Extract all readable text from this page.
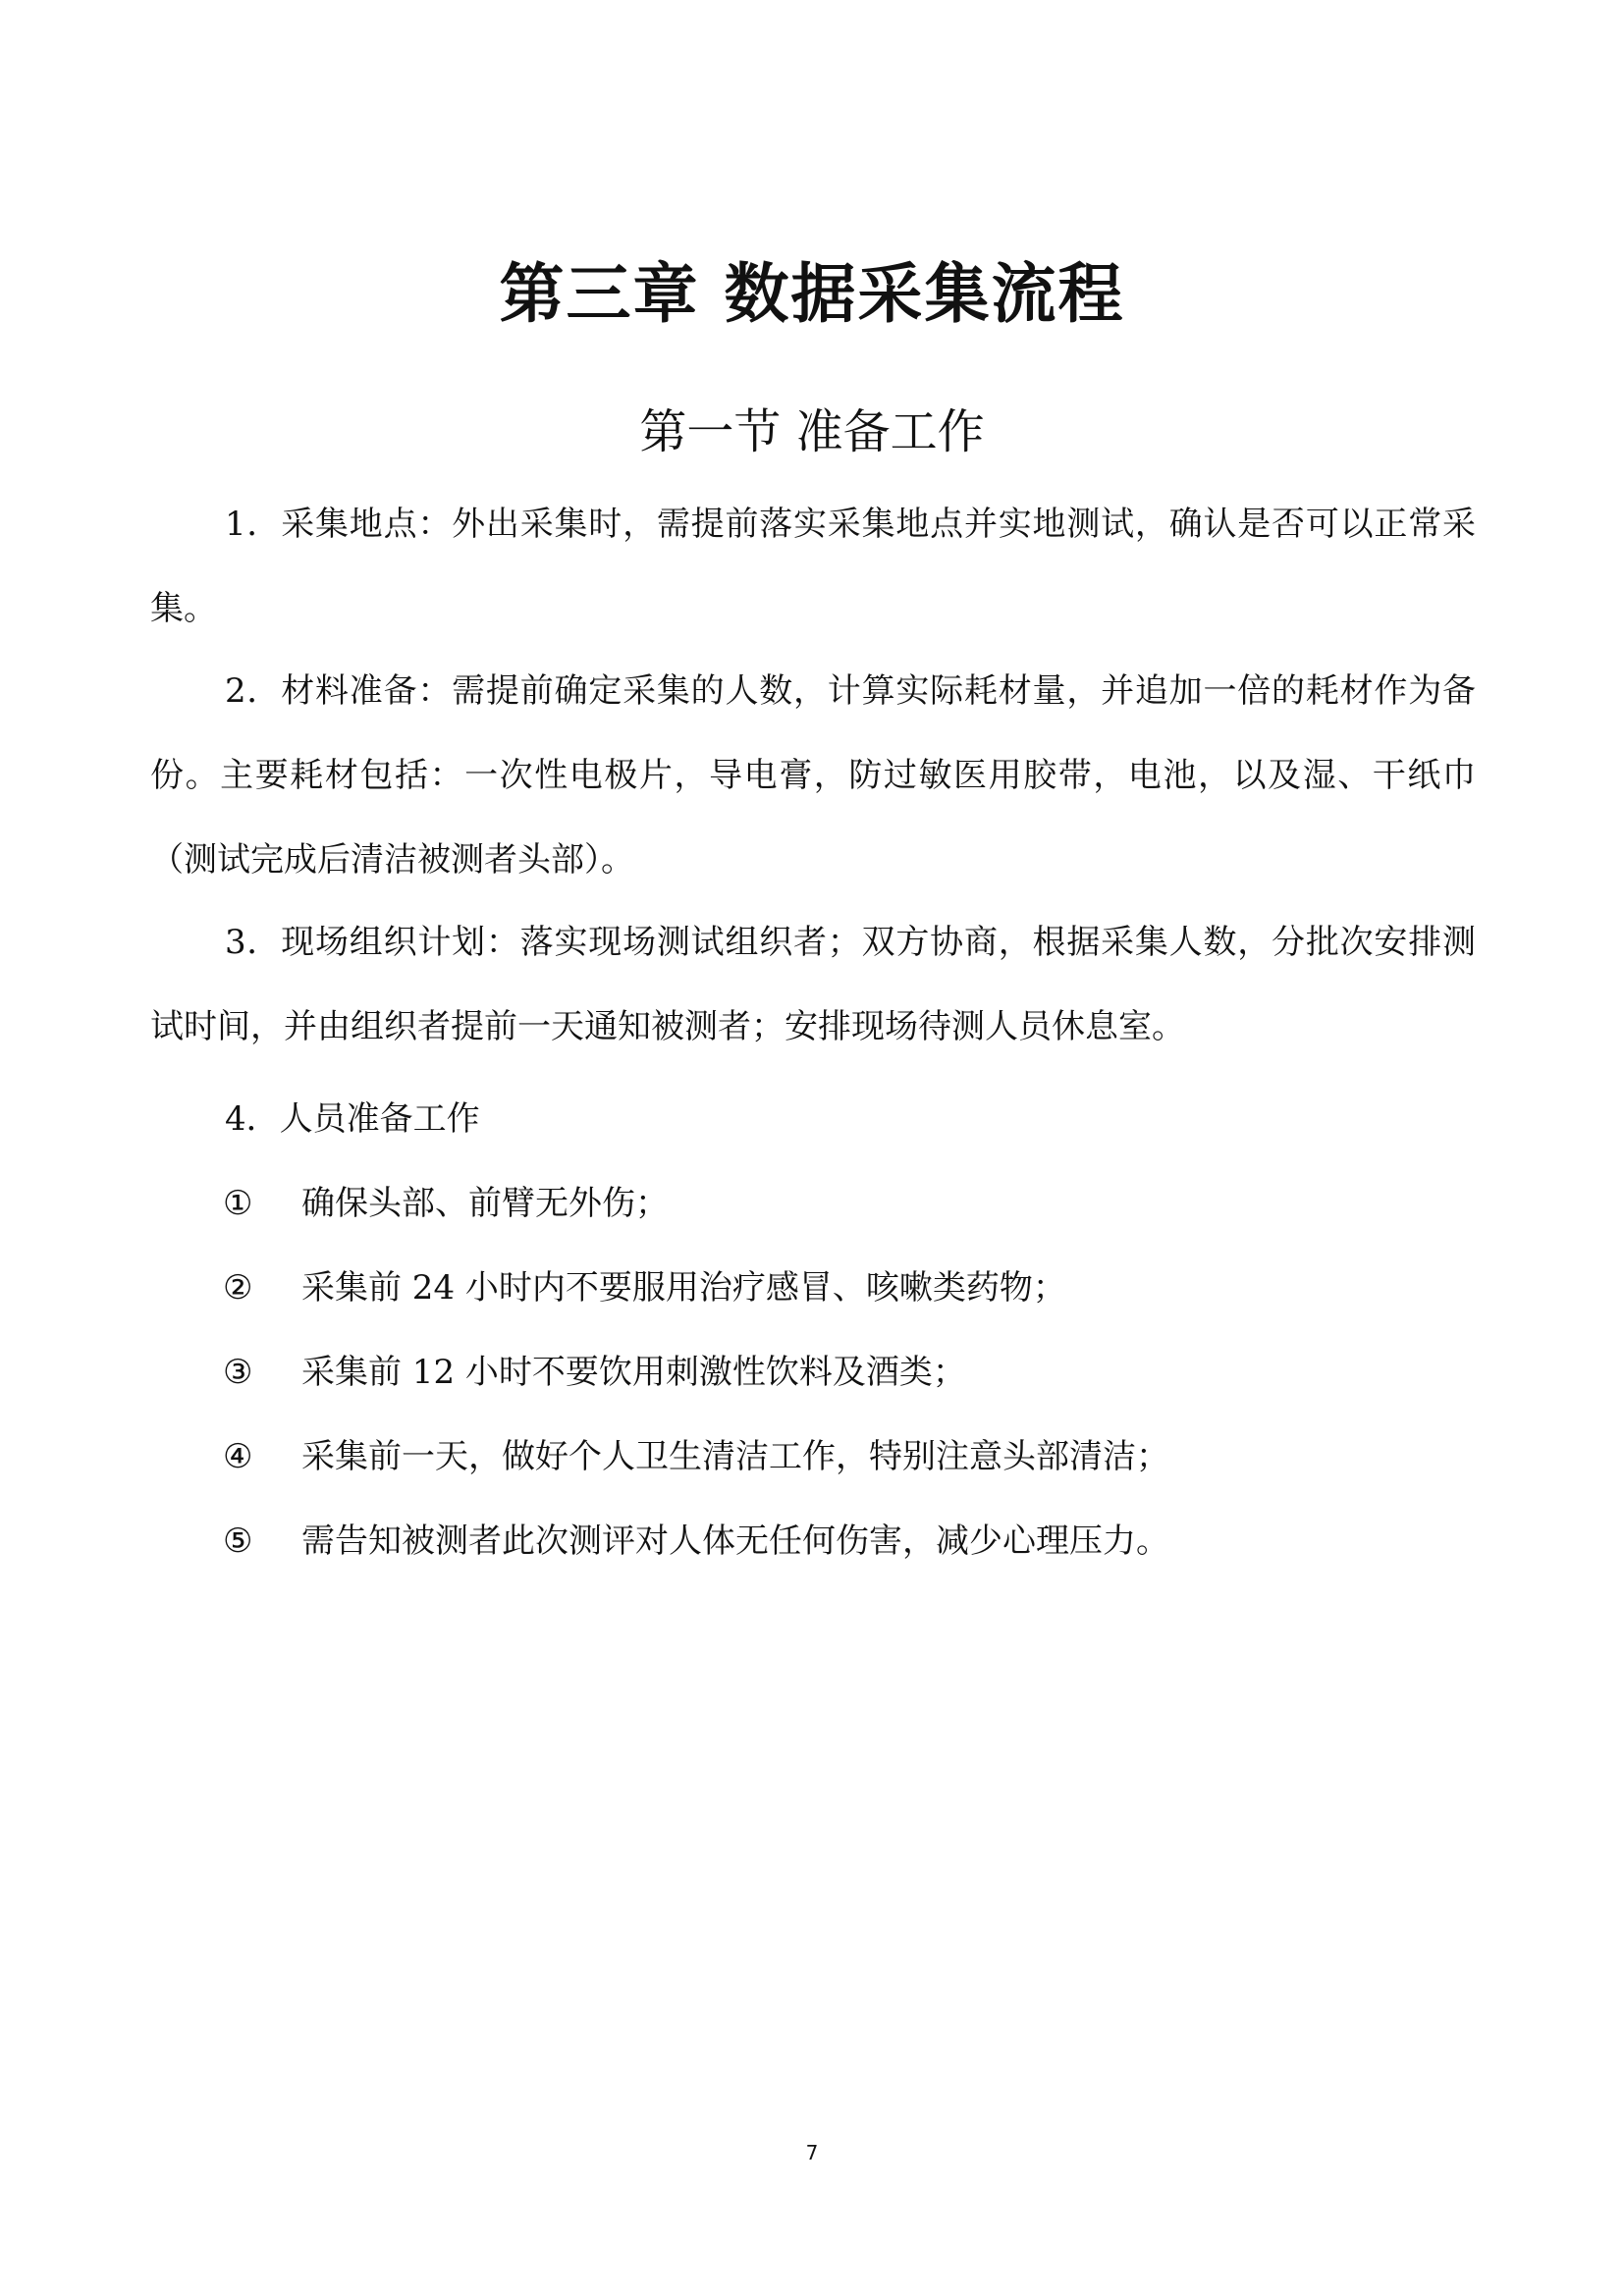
第三章 数据采集流程
第一节 准备工作

1．采集地点：外出采集时，需提前落实采集地点并实地测试，确认是否可以正常采集。

2．材料准备：需提前确定采集的人数，计算实际耗材量，并追加一倍的耗材作为备份。主要耗材包括：一次性电极片，导电膏，防过敏医用胶带，电池，以及湿、干纸巾（测试完成后清洁被测者头部）。

3．现场组织计划：落实现场测试组织者；双方协商，根据采集人数，分批次安排测试时间，并由组织者提前一天通知被测者；安排现场待测人员休息室。

4．人员准备工作

① 确保头部、前臂无外伤；
② 采集前 24 小时内不要服用治疗感冒、咳嗽类药物；
③ 采集前 12 小时不要饮用刺激性饮料及酒类；
④ 采集前一天，做好个人卫生清洁工作，特别注意头部清洁；
⑤ 需告知被测者此次测评对人体无任何伤害，减少心理压力。
7
